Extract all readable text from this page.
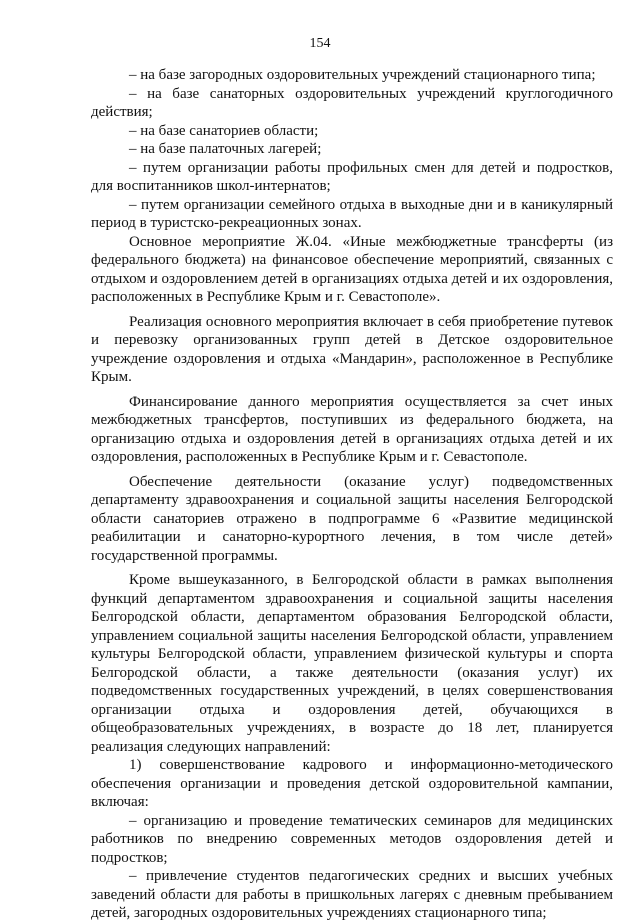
154

– на базе загородных оздоровительных учреждений стационарного типа;

– на базе санаторных оздоровительных учреждений круглогодичного действия;

– на базе санаториев области;

– на базе палаточных лагерей;

– путем организации работы профильных смен для детей и подростков, для воспитанников школ-интернатов;

– путем организации семейного отдыха в выходные дни и в каникулярный период в туристско-рекреационных зонах.

Основное мероприятие Ж.04. «Иные межбюджетные трансферты (из федерального бюджета) на финансовое обеспечение мероприятий, связанных с отдыхом и оздоровлением детей в организациях отдыха детей и их оздоровления, расположенных в Республике Крым и г. Севастополе».

Реализация основного мероприятия включает в себя приобретение путевок и перевозку организованных групп детей в Детское оздоровительное учреждение оздоровления и отдыха «Мандарин», расположенное в Республике Крым.

Финансирование данного мероприятия осуществляется за счет иных межбюджетных трансфертов, поступивших из федерального бюджета, на организацию отдыха и оздоровления детей в организациях отдыха детей и их оздоровления, расположенных в Республике Крым и г. Севастополе.

Обеспечение деятельности (оказание услуг) подведомственных департаменту здравоохранения и социальной защиты населения Белгородской области санаториев отражено в подпрограмме 6 «Развитие медицинской реабилитации и санаторно-курортного лечения, в том числе детей» государственной программы.

Кроме вышеуказанного, в Белгородской области в рамках выполнения функций департаментом здравоохранения и социальной защиты населения Белгородской области, департаментом образования Белгородской области, управлением социальной защиты населения Белгородской области, управлением культуры Белгородской области, управлением физической культуры и спорта Белгородской области, а также деятельности (оказания услуг) их подведомственных государственных учреждений, в целях совершенствования организации отдыха и оздоровления детей, обучающихся в общеобразовательных учреждениях, в возрасте до 18 лет, планируется реализация следующих направлений:

1) совершенствование кадрового и информационно-методического обеспечения организации и проведения детской оздоровительной кампании, включая:

– организацию и проведение тематических семинаров для медицинских работников по внедрению современных методов оздоровления детей и подростков;

– привлечение студентов педагогических средних и высших учебных заведений области для работы в пришкольных лагерях с дневным пребыванием детей, загородных оздоровительных учреждениях стационарного типа;
